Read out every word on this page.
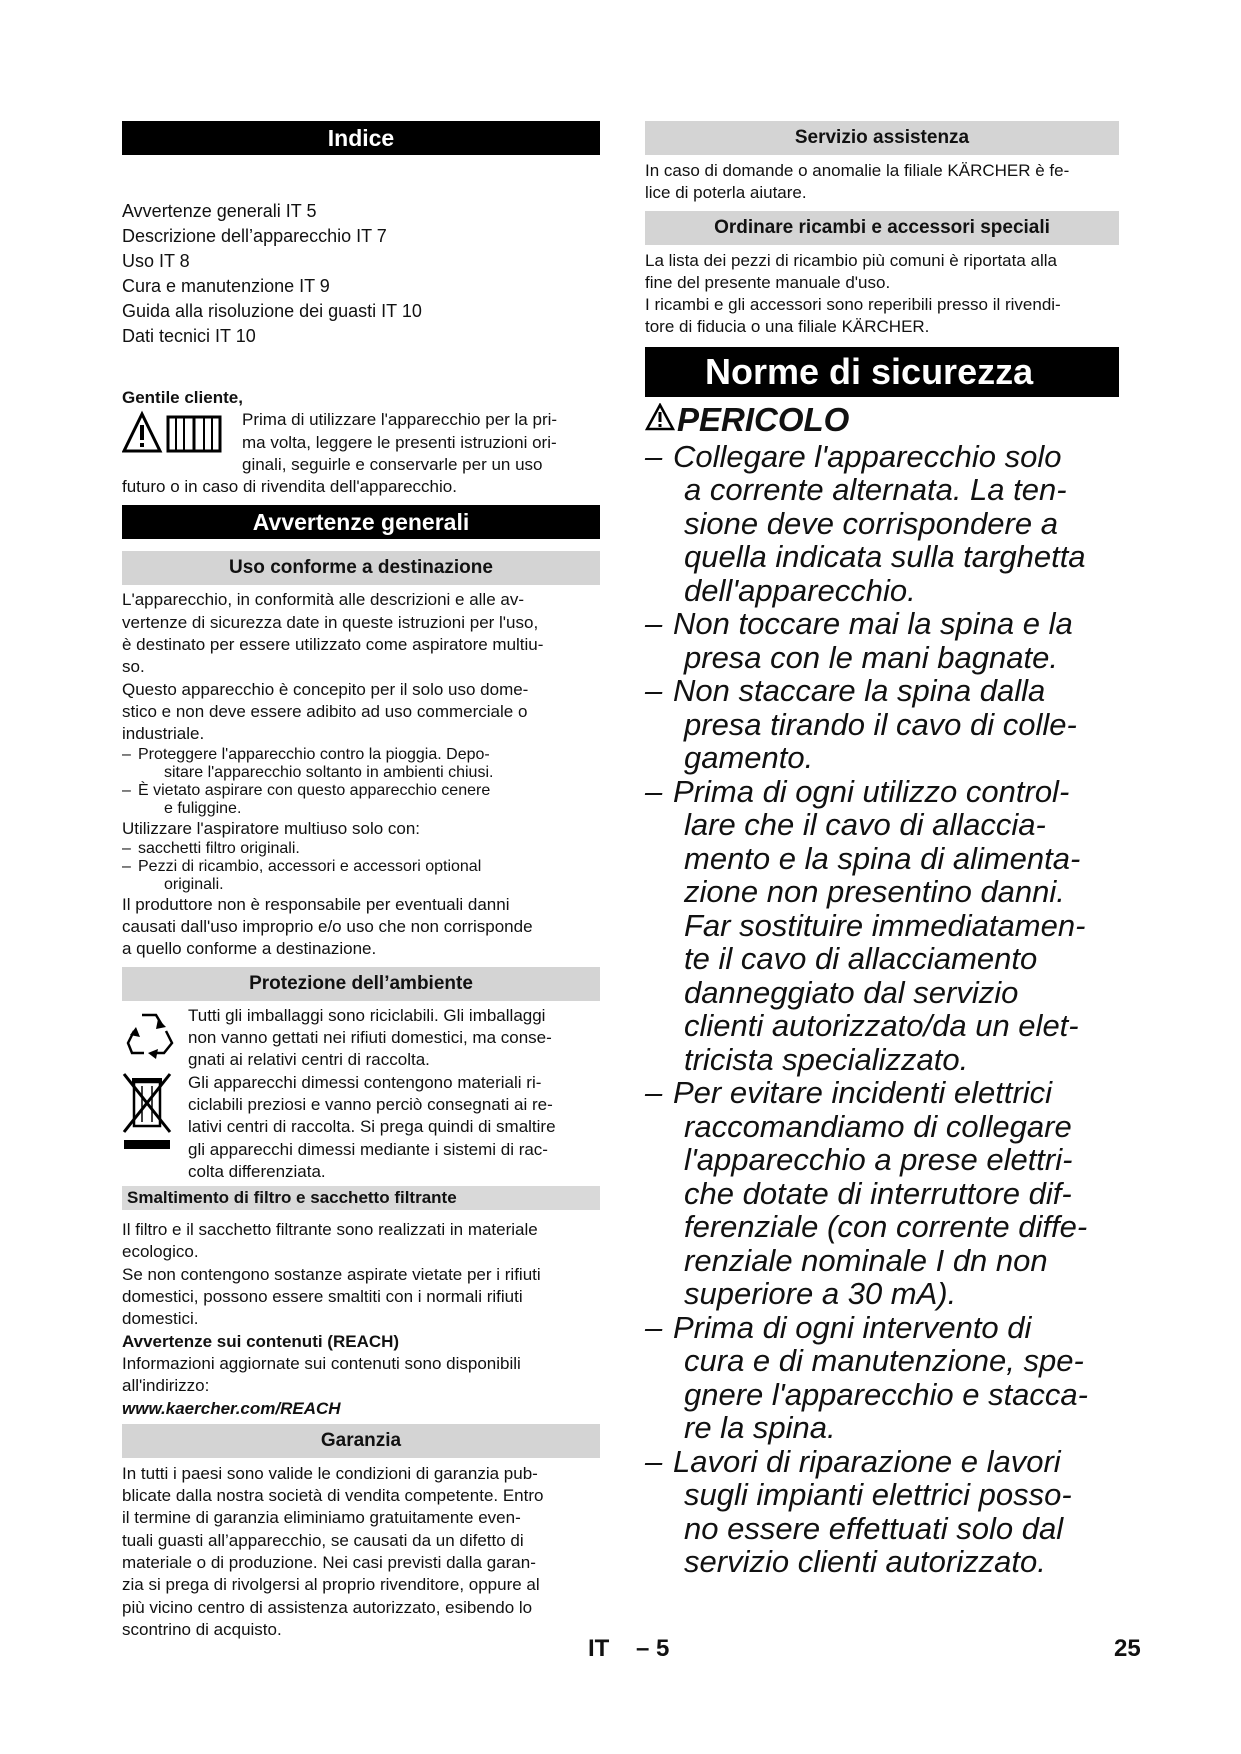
Indice

Avvertenze generali IT 5

Descrizione dell’apparecchio IT 7

Uso IT 8

Cura e manutenzione IT 9

Guida alla risoluzione dei guasti IT 10

Dati tecnici IT 10

Gentile cliente,

Prima di utilizzare l'apparecchio per la pri-

ma volta, leggere le presenti istruzioni ori-

ginali, seguirle e conservarle per un uso

futuro o in caso di rivendita dell'apparecchio.

Avvertenze generali
Uso conforme a destinazione

L'apparecchio, in conformità alle descrizioni e alle av-

vertenze di sicurezza date in queste istruzioni per l'uso,

è destinato per essere utilizzato come aspiratore multiu-

so.

Questo apparecchio è concepito per il solo uso dome-

stico e non deve essere adibito ad uso commerciale o

industriale.

– Proteggere l'apparecchio contro la pioggia. Depo-
sitare l'apparecchio soltanto in ambienti chiusi.
– È vietato aspirare con questo apparecchio cenere
e fuliggine.

Utilizzare l'aspiratore multiuso solo con:

– sacchetti filtro originali.
– Pezzi di ricambio, accessori e accessori optional
originali.

Il produttore non è responsabile per eventuali danni

causati dall'uso improprio e/o uso che non corrisponde

a quello conforme a destinazione.

Protezione dell’ambiente

Tutti gli imballaggi sono riciclabili. Gli imballaggi

non vanno gettati nei rifiuti domestici, ma conse-

gnati ai relativi centri di raccolta.

Gli apparecchi dimessi contengono materiali ri-

ciclabili preziosi e vanno perciò consegnati ai re-

lativi centri di raccolta. Si prega quindi di smaltire

gli apparecchi dimessi mediante i sistemi di rac-

colta differenziata.

Smaltimento di filtro e sacchetto filtrante

Il filtro e il sacchetto filtrante sono realizzati in materiale

ecologico.

Se non contengono sostanze aspirate vietate per i rifiuti

domestici, possono essere smaltiti con i normali rifiuti

domestici.

Avvertenze sui contenuti (REACH)

Informazioni aggiornate sui contenuti sono disponibili

all'indirizzo:

www.kaercher.com/REACH

Garanzia

In tutti i paesi sono valide le condizioni di garanzia pub-

blicate dalla nostra società di vendita competente. Entro

il termine di garanzia eliminiamo gratuitamente even-

tuali guasti all’apparecchio, se causati da un difetto di

materiale o di produzione. Nei casi previsti dalla garan-

zia si prega di rivolgersi al proprio rivenditore, oppure al

più vicino centro di assistenza autorizzato, esibendo lo

scontrino di acquisto.

Servizio assistenza

In caso di domande o anomalie la filiale KÄRCHER è fe-

lice di poterla aiutare.

Ordinare ricambi e accessori speciali

La lista dei pezzi di ricambio più comuni è riportata alla

fine del presente manuale d'uso.

I ricambi e gli accessori sono reperibili presso il rivendi-

tore di fiducia o una filiale KÄRCHER.

Norme di sicurezza
PERICOLO
– Collegare l'apparecchio solo
a corrente alternata. La ten-
sione deve corrispondere a
quella indicata sulla targhetta
dell'apparecchio.
– Non toccare mai la spina e la
presa con le mani bagnate.
– Non staccare la spina dalla
presa tirando il cavo di colle-
gamento.
– Prima di ogni utilizzo control-
lare che il cavo di allaccia-
mento e la spina di alimenta-
zione non presentino danni.
Far sostituire immediatamen-
te il cavo di allacciamento
danneggiato dal servizio
clienti autorizzato/da un elet-
tricista specializzato.
– Per evitare incidenti elettrici
raccomandiamo di collegare
l'apparecchio a prese elettri-
che dotate di interruttore dif-
ferenziale (con corrente diffe-
renziale nominale I dn non
superiore a 30 mA).
– Prima di ogni intervento di
cura e di manutenzione, spe-
gnere l'apparecchio e stacca-
re la spina.
– Lavori di riparazione e lavori
sugli impianti elettrici posso-
no essere effettuati solo dal
servizio clienti autorizzato.
IT    – 5	25
